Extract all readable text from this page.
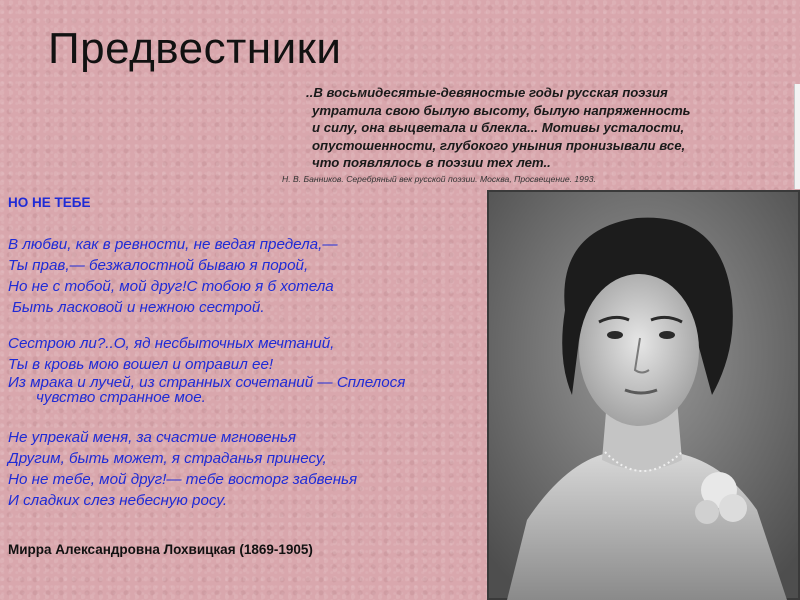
Предвестники
..В восьмидесятые-девяностые годы русская поэзия
утратила свою былую высоту, былую напряженность
и силу, она выцветала и блекла... Мотивы усталости,
опустошенности, глубокого уныния пронизывали все,
что появлялось в поэзии тех лет..
Н. В. Банников. Серебряный век русской поэзии. Москва, Просвещение. 1993.
НО НЕ ТЕБЕ
В любви, как в ревности, не ведая предела,—
Ты прав,— безжалостной бываю я порой,
Но не с тобой, мой друг!С тобою я б хотела
Быть ласковой и нежною сестрой.
Сестрою ли?..О, яд несбыточных мечтаний,
Ты в кровь мою вошел и отравил ее!
Из мрака и лучей, из странных сочетаний — Сплелося
чувство странное мое.
Не упрекай меня, за счастие мгновенья
Другим, быть может, я страданья принесу,
Но не тебе, мой друг!— тебе восторг забвенья
И сладких слез небесную росу.
Мирра Александровна Лохвицкая (1869-1905)
